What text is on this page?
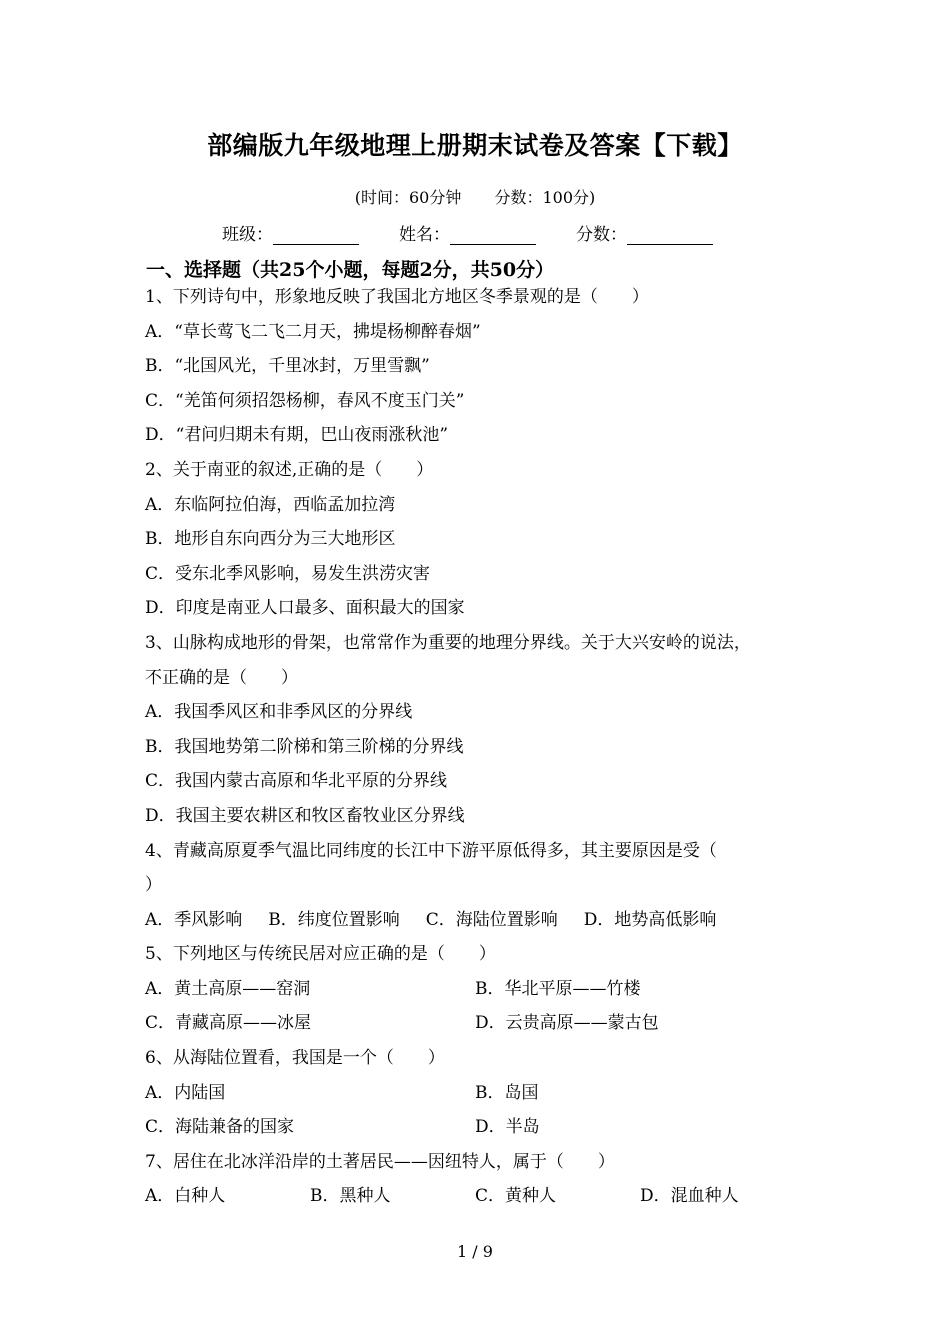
部编版九年级地理上册期末试卷及答案【下载】
(时间：60分钟 分数：100分)
班级：	姓名：	分数：
一、选择题（共25个小题，每题2分，共50分）
1、下列诗句中，形象地反映了我国北方地区冬季景观的是（　　）
A．“草长莺飞二飞二月天，拂堤杨柳醉春烟”
B．“北国风光，千里冰封，万里雪飘”
C．“羌笛何须招怨杨柳，春风不度玉门关”
D．“君问归期未有期，巴山夜雨涨秋池”
2、关于南亚的叙述,正确的是（　　）
A．东临阿拉伯海，西临孟加拉湾
B．地形自东向西分为三大地形区
C．受东北季风影响，易发生洪涝灾害
D．印度是南亚人口最多、面积最大的国家
3、山脉构成地形的骨架，也常常作为重要的地理分界线。关于大兴安岭的说法，
不正确的是（　　）
A．我国季风区和非季风区的分界线
B．我国地势第二阶梯和第三阶梯的分界线
C．我国内蒙古高原和华北平原的分界线
D．我国主要农耕区和牧区畜牧业区分界线
4、青藏高原夏季气温比同纬度的长江中下游平原低得多，其主要原因是受（
）
A．季风影响 B．纬度位置影响 C．海陆位置影响 D．地势高低影响
5、下列地区与传统民居对应正确的是（　　）
A．黄土高原——窑洞	B．华北平原——竹楼
C．青藏高原——冰屋	D．云贵高原——蒙古包
6、从海陆位置看，我国是一个（　　）
A．内陆国	B．岛国
C．海陆兼备的国家	D．半岛
7、居住在北冰洋沿岸的土著居民——因纽特人，属于（　　）
A．白种人	B．黑种人	C．黄种人	D．混血种人
1 / 9
